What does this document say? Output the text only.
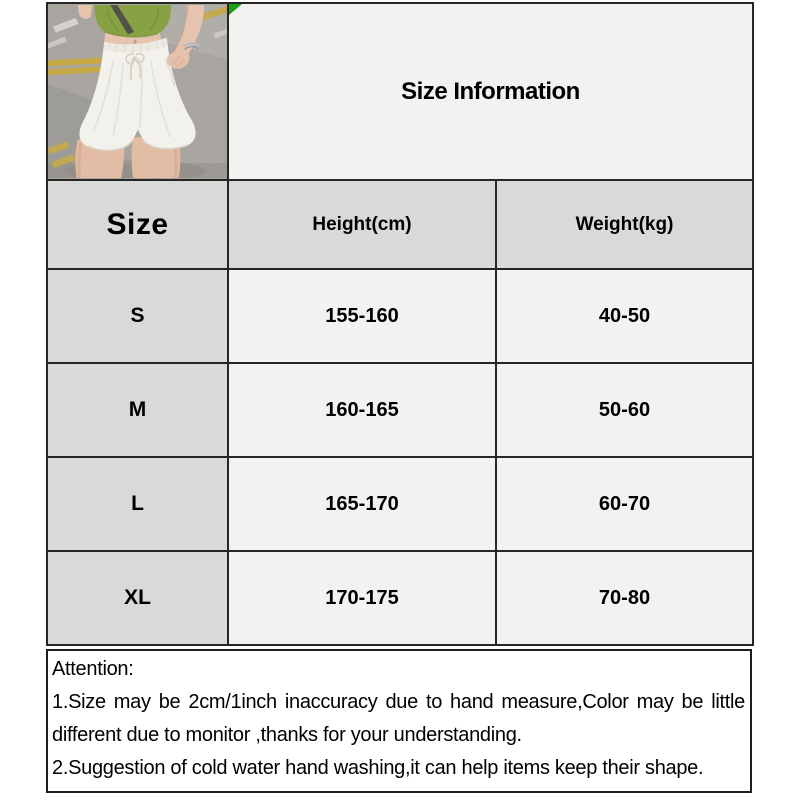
Size Information	
Size	Height(cm)	Weight(kg)
S	155-160	40-50
M	160-165	50-60
L	165-170	60-70
XL	170-175	70-80
Attention:

1.Size may be 2cm/1inch inaccuracy due to hand measure,Color may be little different due to monitor ,thanks for your understanding.

2.Suggestion of cold water hand washing,it can help items keep their shape.
